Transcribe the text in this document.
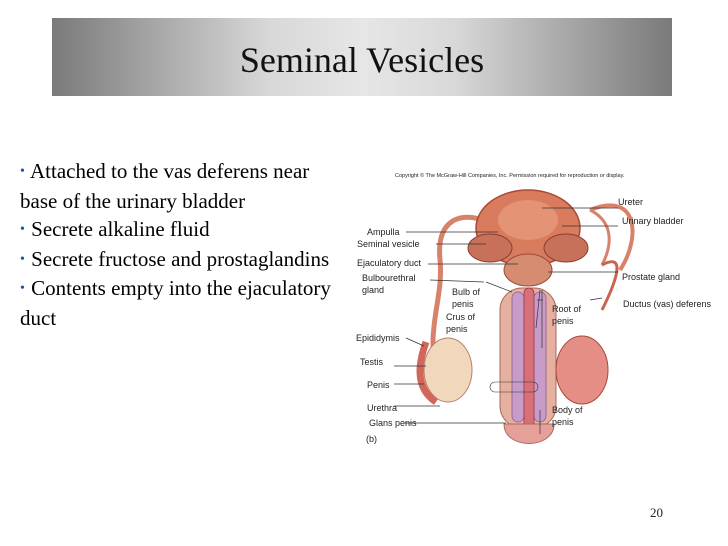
Seminal Vesicles

• Attached to the vas deferens near base of the urinary bladder

• Secrete alkaline fluid

• Secrete fructose and prostaglandins

• Contents empty into the ejaculatory duct

Copyright © The McGraw-Hill Companies, Inc. Permission required for reproduction or display.
Ureter
Urinary bladder
Ampulla
Seminal vesicle
Ejaculatory duct
Bulbourethral
gland
Prostate gland
Bulb of
penis
Crus of
penis
Root of
penis
Ductus (vas) deferens
Epididymis
Testis
Penis
Urethra
Glans penis
Body of
penis
(b)
20
